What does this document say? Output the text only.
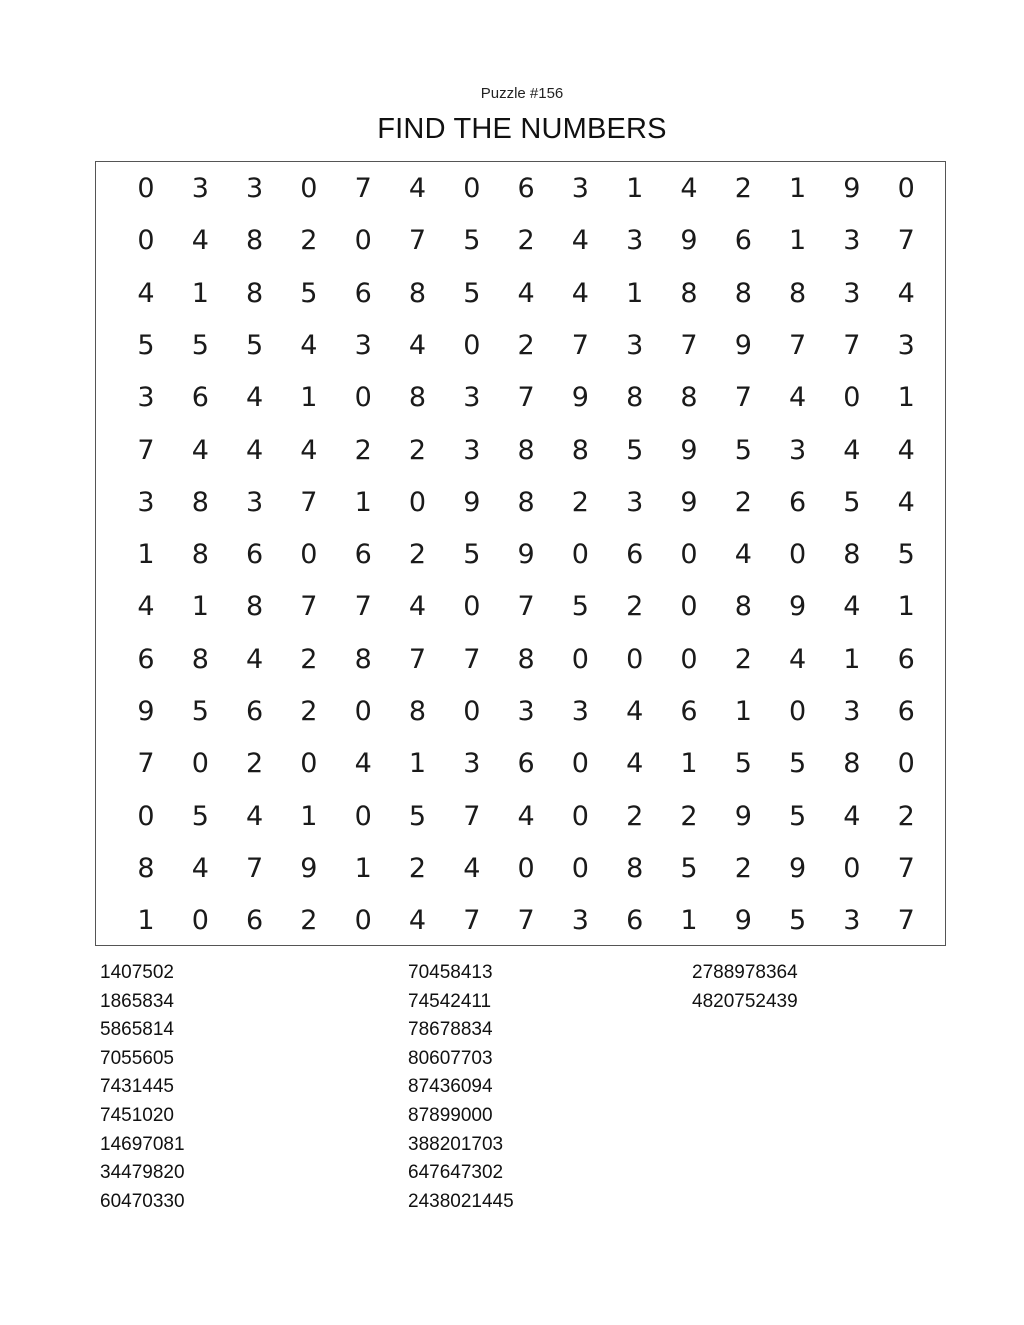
Puzzle #156
FIND THE NUMBERS
0	3	3	0	7	4	0	6	3	1	4	2	1	9	0
0	4	8	2	0	7	5	2	4	3	9	6	1	3	7
4	1	8	5	6	8	5	4	4	1	8	8	8	3	4
5	5	5	4	3	4	0	2	7	3	7	9	7	7	3
3	6	4	1	0	8	3	7	9	8	8	7	4	0	1
7	4	4	4	2	2	3	8	8	5	9	5	3	4	4
3	8	3	7	1	0	9	8	2	3	9	2	6	5	4
1	8	6	0	6	2	5	9	0	6	0	4	0	8	5
4	1	8	7	7	4	0	7	5	2	0	8	9	4	1
6	8	4	2	8	7	7	8	0	0	0	2	4	1	6
9	5	6	2	0	8	0	3	3	4	6	1	0	3	6
7	0	2	0	4	1	3	6	0	4	1	5	5	8	0
0	5	4	1	0	5	7	4	0	2	2	9	5	4	2
8	4	7	9	1	2	4	0	0	8	5	2	9	0	7
1	0	6	2	0	4	7	7	3	6	1	9	5	3	7
1407502
1865834
5865814
7055605
7431445
7451020
14697081
34479820
60470330
70458413
74542411
78678834
80607703
87436094
87899000
388201703
647647302
2438021445
2788978364
4820752439
